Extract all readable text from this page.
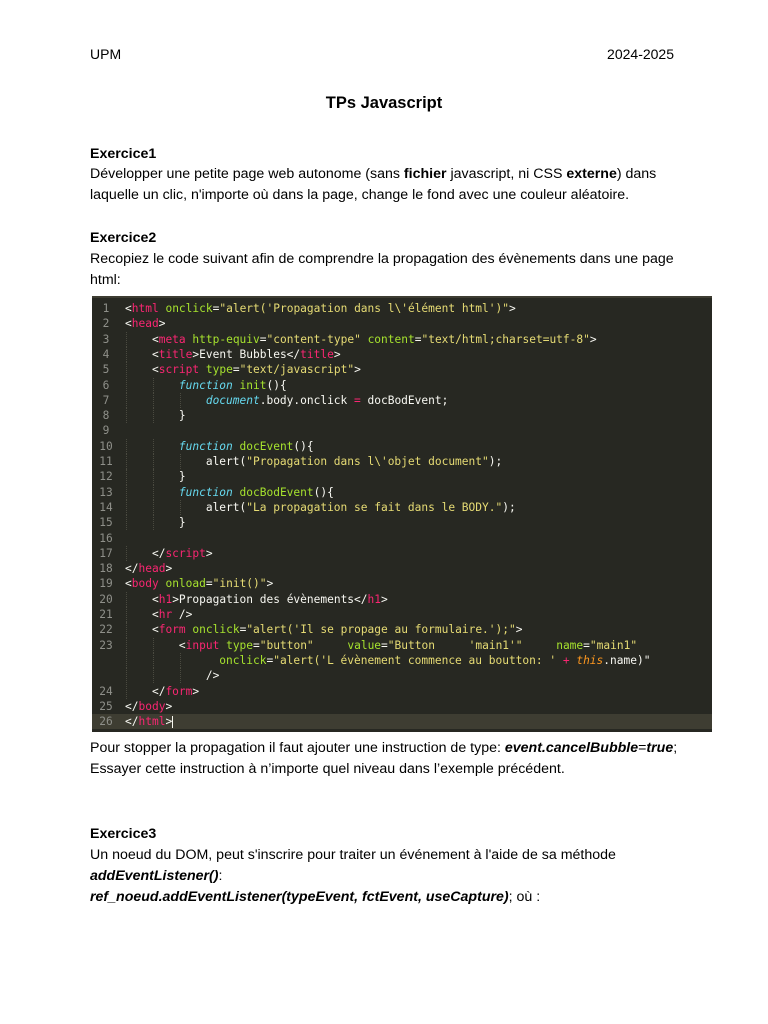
UPM	2024-2025
TPs Javascript
Exercice1
Développer une petite page web autonome (sans fichier javascript, ni CSS externe) dans
laquelle un clic, n'importe où dans la page, change le fond avec une couleur aléatoire.
Exercice2
Recopiez le code suivant afin de comprendre la propagation des évènements dans une page
html:
1	<html onclick="alert('Propagation dans l\'élément html')">
2	<head>
3	<meta http-equiv="content-type" content="text/html;charset=utf-8">
4	<title>Event Bubbles</title>
5	<script type="text/javascript">
6	function init(){
7	document.body.onclick = docBodEvent;
8	}
9
10	function docEvent(){
11	alert("Propagation dans l\'objet document");
12	}
13	function docBodEvent(){
14	alert("La propagation se fait dans le BODY.");
15	}
16
17	</script>
18	</head>
19	<body onload="init()">
20	<h1>Propagation des évènements</h1>
21	<hr />
22	<form onclick="alert('Il se propage au formulaire.');">
23	<input type="button"	value="Button     'main1'"	name="main1"
onclick="alert('L évènement commence au boutton: ' + this.name)"
/>
24	</form>
25	</body>
26	</html>
Pour stopper la propagation il faut ajouter une instruction de type: event.cancelBubble=true;
Essayer cette instruction à n’importe quel niveau dans l’exemple précédent.
Exercice3
Un noeud du DOM, peut s'inscrire pour traiter un événement à l'aide de sa méthode
addEventListener():
ref_noeud.addEventListener(typeEvent, fctEvent, useCapture); où :
